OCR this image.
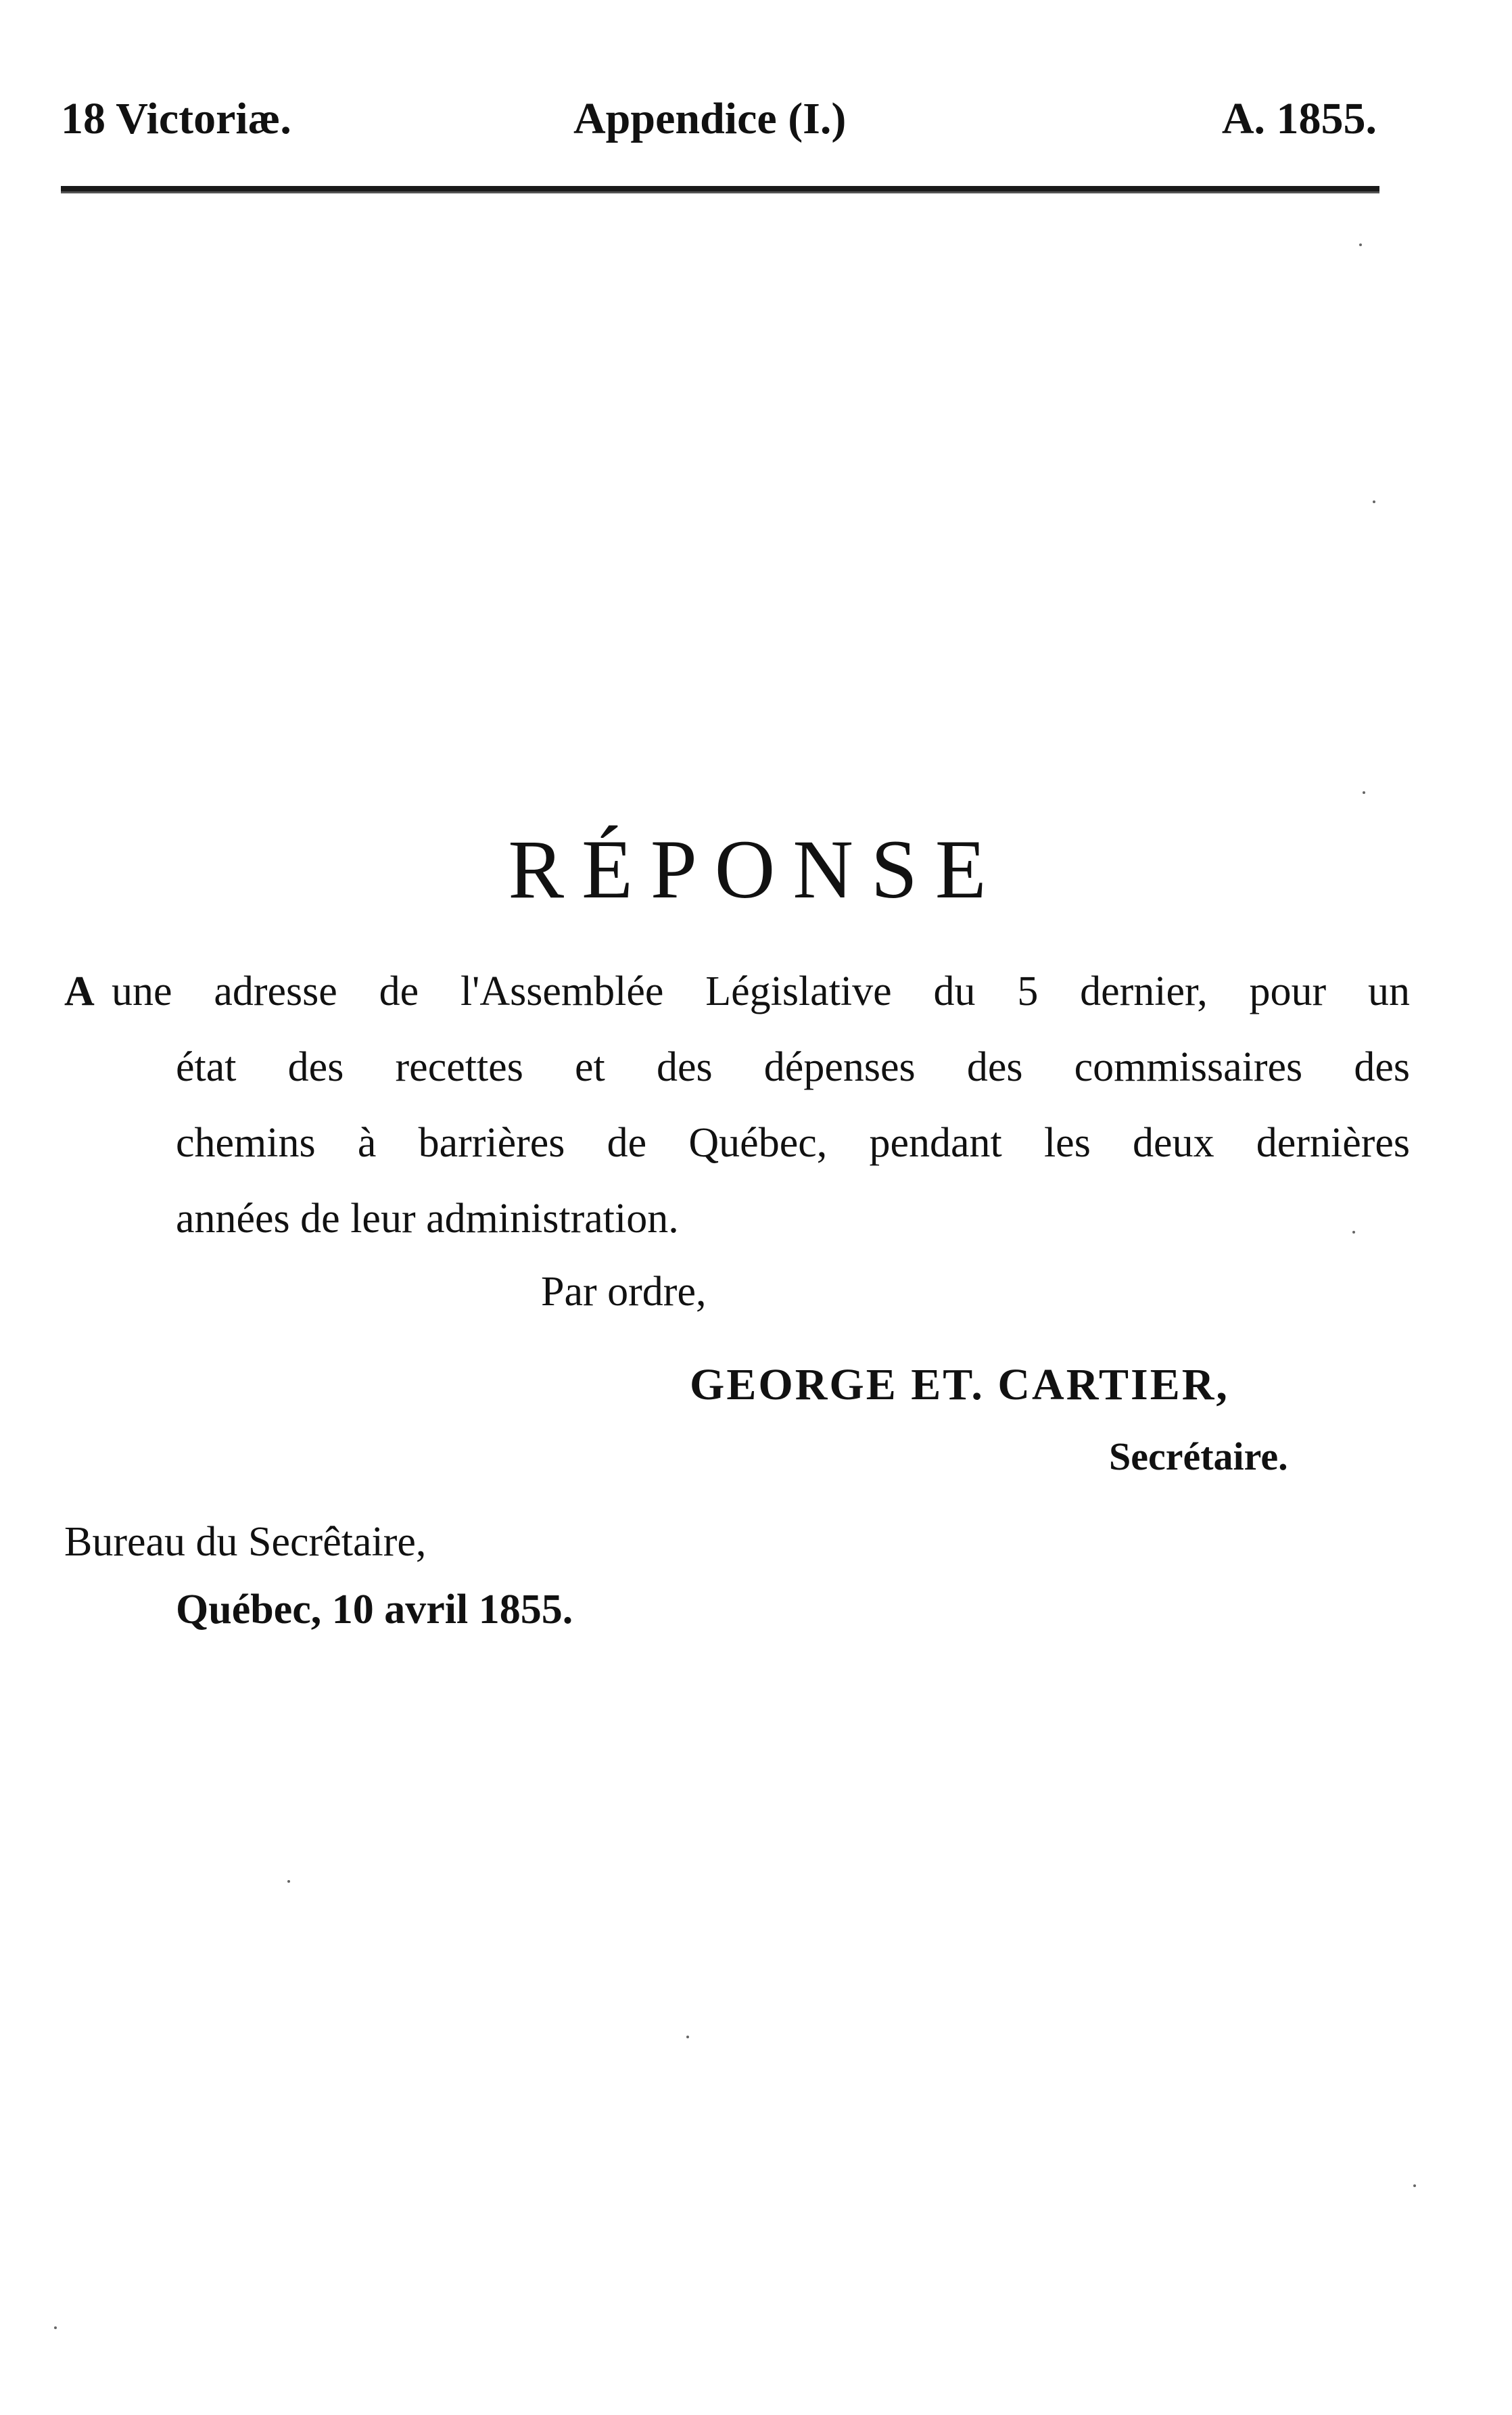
18 Victoriæ.	Appendice (I.)	A. 1855.
RÉPONSE
A une adresse de l'Assemblée Législative du 5 dernier, pour un
état des recettes et des dépenses des commissaires des
chemins à barrières de Québec, pendant les deux dernières
années de leur administration.
Par ordre,
GEORGE ET. CARTIER,
Secrétaire.
Bureau du Secrêtaire,
Québec, 10 avril 1855.
